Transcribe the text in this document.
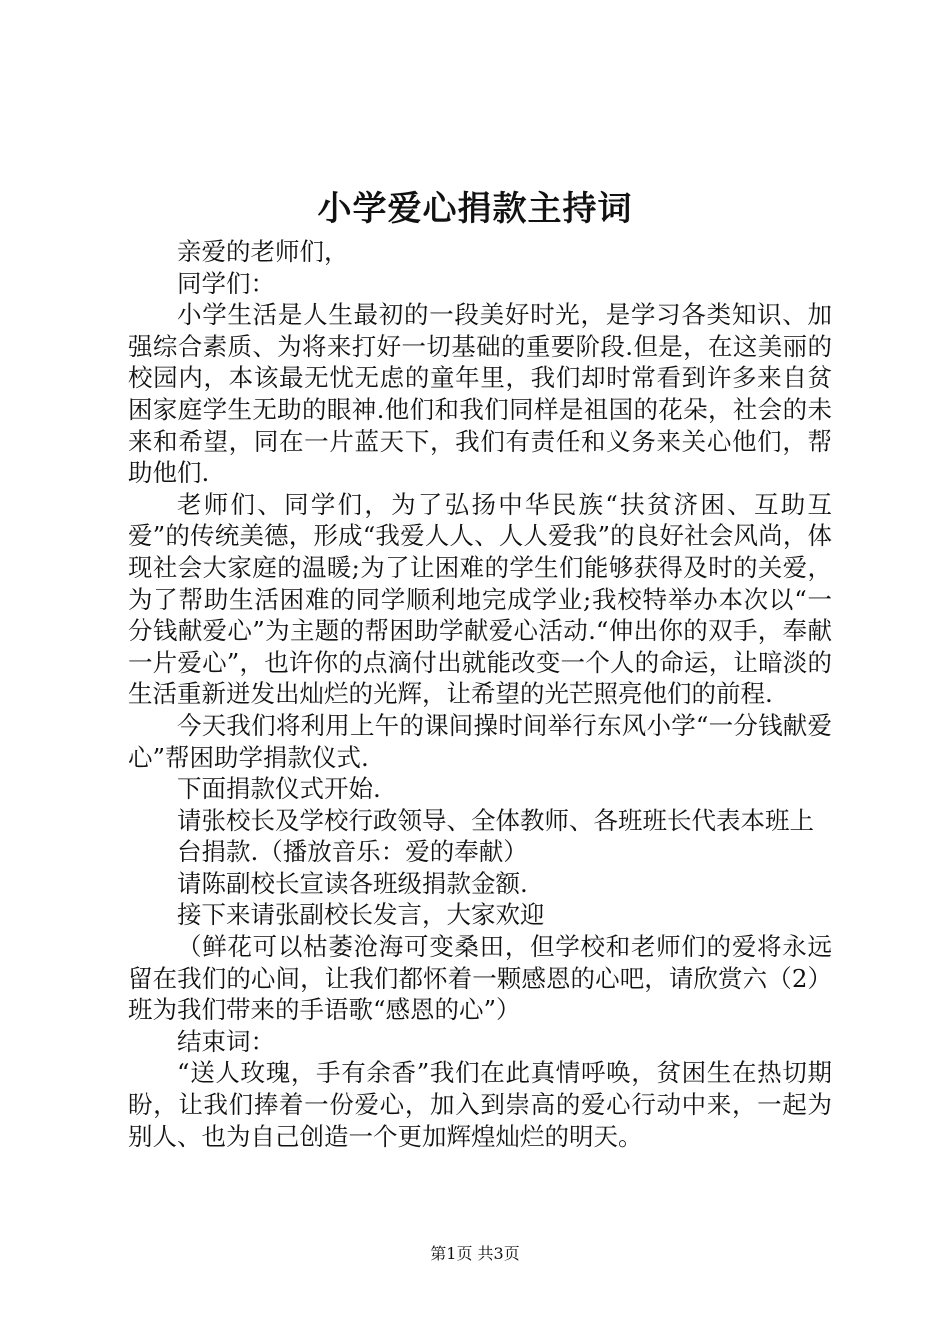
小学爱心捐款主持词

亲爱的老师们，

同学们：

小学生活是人生最初的一段美好时光，是学习各类知识、加强综合素质、为将来打好一切基础的重要阶段.但是，在这美丽的校园内，本该最无忧无虑的童年里，我们却时常看到许多来自贫困家庭学生无助的眼神.他们和我们同样是祖国的花朵，社会的未来和希望，同在一片蓝天下，我们有责任和义务来关心他们，帮助他们.

老师们、同学们，为了弘扬中华民族“扶贫济困、互助互爱”的传统美德，形成“我爱人人、人人爱我”的良好社会风尚，体现社会大家庭的温暖;为了让困难的学生们能够获得及时的关爱，为了帮助生活困难的同学顺利地完成学业;我校特举办本次以“一分钱献爱心”为主题的帮困助学献爱心活动.“伸出你的双手，奉献一片爱心”，也许你的点滴付出就能改变一个人的命运，让暗淡的生活重新迸发出灿烂的光辉，让希望的光芒照亮他们的前程.

今天我们将利用上午的课间操时间举行东风小学“一分钱献爱心”帮困助学捐款仪式.

下面捐款仪式开始.

请张校长及学校行政领导、全体教师、各班班长代表本班上

台捐款.（播放音乐：爱的奉献）

请陈副校长宣读各班级捐款金额.

接下来请张副校长发言，大家欢迎

（鲜花可以枯萎沧海可变桑田，但学校和老师们的爱将永远留在我们的心间，让我们都怀着一颗感恩的心吧，请欣赏六（2）班为我们带来的手语歌“感恩的心”）

结束词：

“送人玫瑰，手有余香”我们在此真情呼唤，贫困生在热切期盼，让我们捧着一份爱心，加入到崇高的爱心行动中来，一起为别人、也为自己创造一个更加辉煌灿烂的明天。

第1页 共3页
